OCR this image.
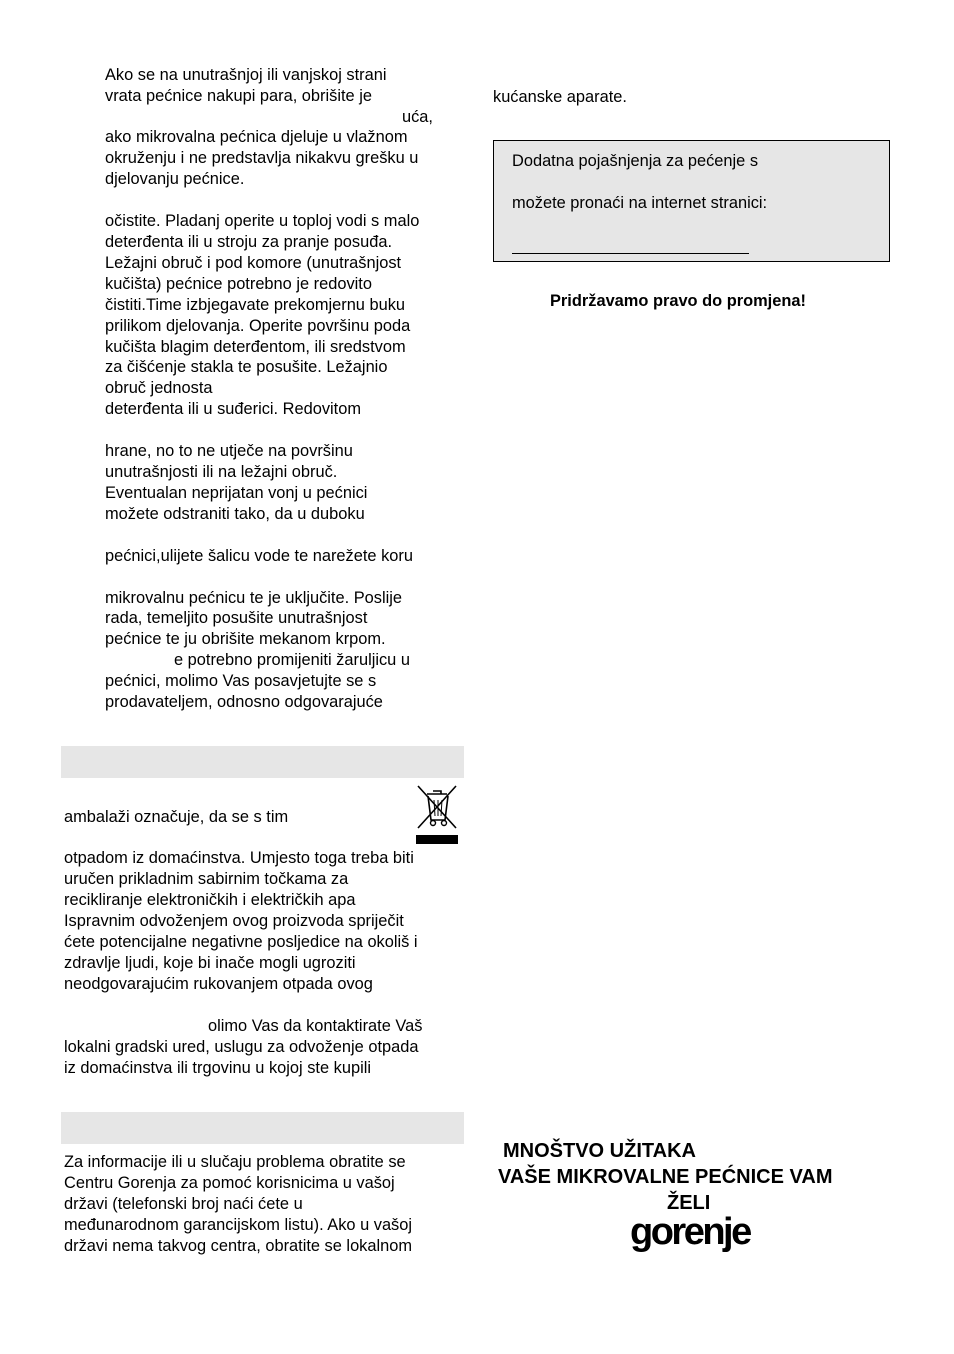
Ako se na unutrašnjoj ili vanjskoj strani
vrata pećnice nakupi para, obrišite je
uća,
ako mikrovalna pećnica djeluje u vlažnom
okruženju i ne predstavlja nikakvu grešku u
djelovanju pećnice.
očistite. Pladanj operite u toploj vodi s malo
deterđenta ili u stroju za pranje posuđa.
Ležajni obruč i pod komore (unutrašnjost
kučišta) pećnice potrebno je redovito
čistiti.Time izbjegavate prekomjernu buku
prilikom djelovanja. Operite površinu poda
kučišta blagim deterđentom, ili sredstvom
za čišćenje stakla te posušite. Ležajnio
obruč jednosta
deterđenta ili u suđerici. Redovitom
hrane, no to ne utječe na površinu
unutrašnjosti ili na ležajni obruč.
Eventualan neprijatan vonj u pećnici
možete odstraniti tako, da u duboku
pećnici,ulijete šalicu vode te narežete koru
mikrovalnu pećnicu te je uključite. Poslije
rada, temeljito posušite unutrašnjost
pećnice te ju obrišite mekanom krpom.
e potrebno promijeniti žaruljicu u
pećnici, molimo Vas posavjetujte se s
prodavateljem, odnosno odgovarajuće
ambalaži označuje, da se s tim
otpadom iz domaćinstva. Umjesto toga treba biti
uručen prikladnim sabirnim točkama za
recikliranje elektroničkih i električkih apa
Ispravnim odvoženjem ovog proizvoda spriječit
ćete potencijalne negativne posljedice na okoliš i
zdravlje ljudi, koje bi inače mogli ugroziti
neodgovarajućim rukovanjem otpada ovog
olimo Vas da kontaktirate Vaš
lokalni gradski ured, uslugu za odvoženje otpada
iz domaćinstva ili trgovinu u kojoj ste kupili
Za informacije ili u slučaju problema obratite se
Centru Gorenja za pomoć korisnicima u vašoj
državi (telefonski broj naći ćete u
međunarodnom garancijskom listu). Ako u vašoj
državi nema takvog centra, obratite se lokalnom
kućanske aparate.
Dodatna pojašnjenja za pećenje s
možete pronaći na internet stranici:
Pridržavamo pravo do promjena!
MNOŠTVO UŽITAKA
VAŠE MIKROVALNE PEĆNICE VAM
ŽELI
gorenje
